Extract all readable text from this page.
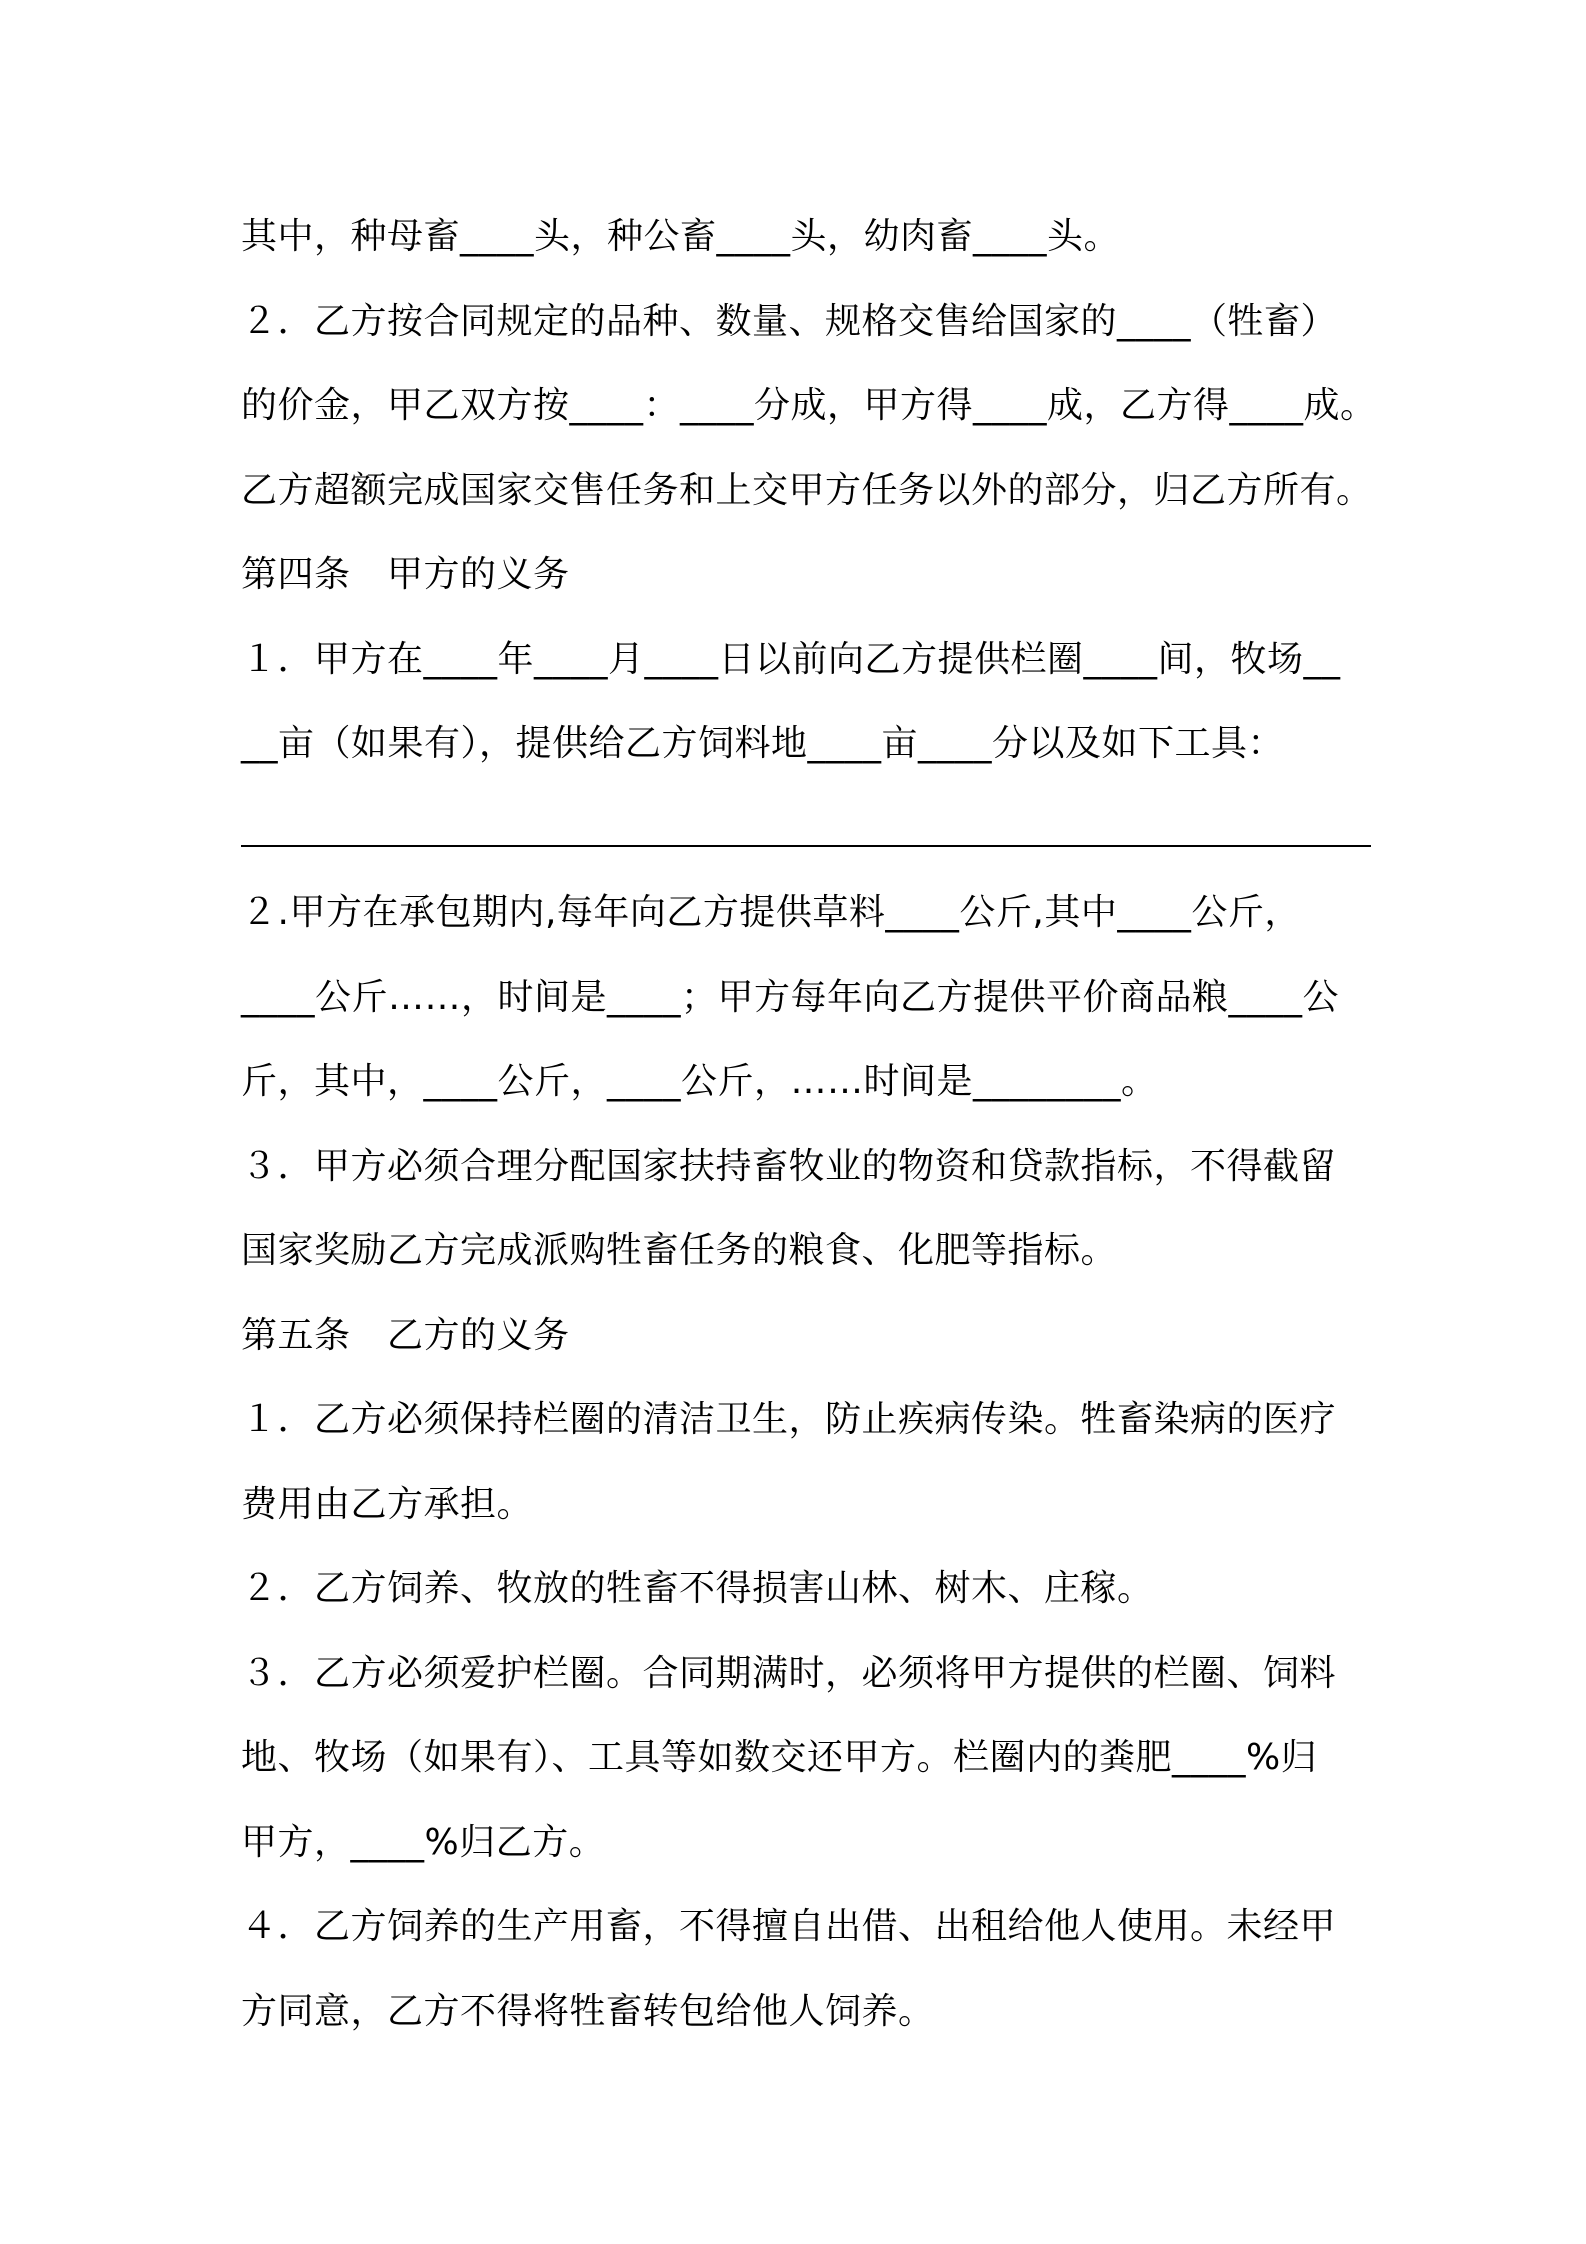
其中，种母畜____头，种公畜____头，幼肉畜____头。
２．乙方按合同规定的品种、数量、规格交售给国家的____（牲畜）
的价金，甲乙双方按____：____分成，甲方得____成，乙方得____成。
乙方超额完成国家交售任务和上交甲方任务以外的部分，归乙方所有。
第四条　甲方的义务
１．甲方在____年____月____日以前向乙方提供栏圈____间，牧场__
__亩（如果有），提供给乙方饲料地____亩____分以及如下工具：
２.甲方在承包期内,每年向乙方提供草料____公斤,其中____公斤，
____公斤……，时间是____；甲方每年向乙方提供平价商品粮____公
斤，其中，____公斤，____公斤，……时间是________。
３．甲方必须合理分配国家扶持畜牧业的物资和贷款指标，不得截留
国家奖励乙方完成派购牲畜任务的粮食、化肥等指标。
第五条　乙方的义务
１．乙方必须保持栏圈的清洁卫生，防止疾病传染。牲畜染病的医疗
费用由乙方承担。
２．乙方饲养、牧放的牲畜不得损害山林、树木、庄稼。
３．乙方必须爱护栏圈。合同期满时，必须将甲方提供的栏圈、饲料
地、牧场（如果有）、工具等如数交还甲方。栏圈内的粪肥____%归
甲方，____%归乙方。
４．乙方饲养的生产用畜，不得擅自出借、出租给他人使用。未经甲
方同意，乙方不得将牲畜转包给他人饲养。
